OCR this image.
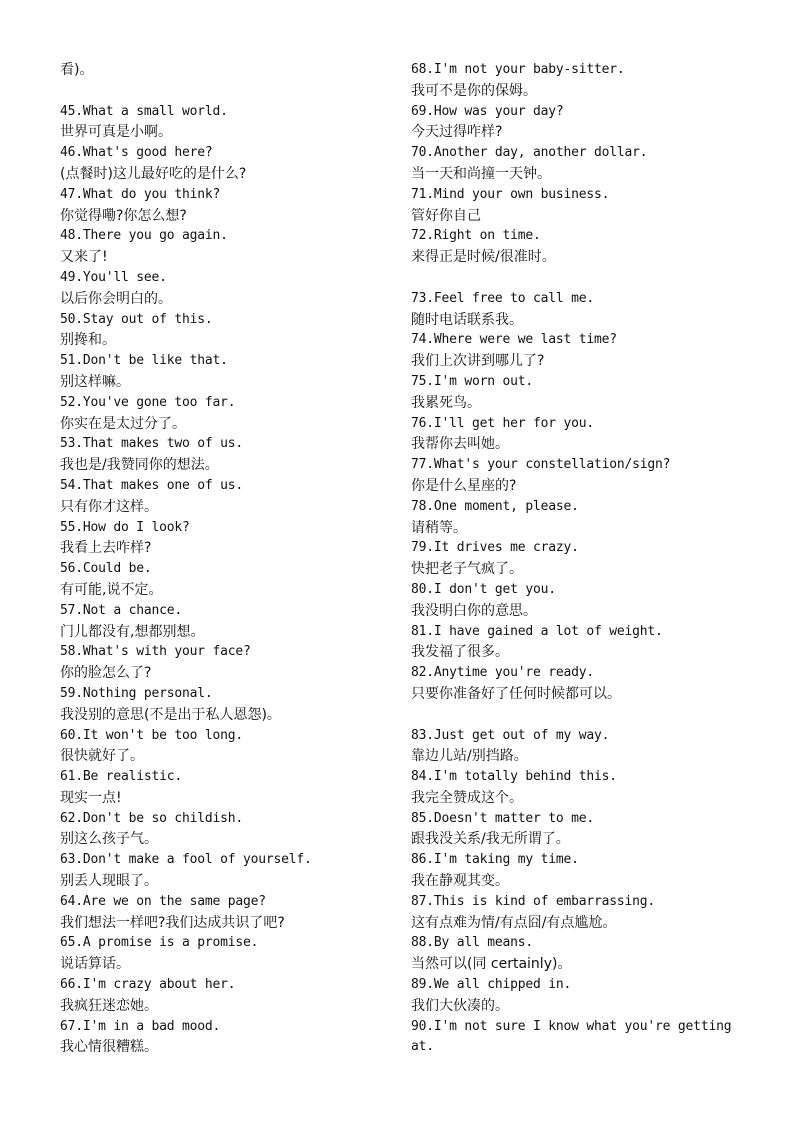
看)。
45.What a small world.
世界可真是小啊。
46.What's good here?
(点餐时)这儿最好吃的是什么?
47.What do you think?
你觉得嘞?你怎么想?
48.There you go again.
又来了!
49.You'll see.
以后你会明白的。
50.Stay out of this.
别搀和。
51.Don't be like that.
别这样嘛。
52.You've gone too far.
你实在是太过分了。
53.That makes two of us.
我也是/我赞同你的想法。
54.That makes one of us.
只有你才这样。
55.How do I look?
我看上去咋样?
56.Could be.
有可能,说不定。
57.Not a chance.
门儿都没有,想都别想。
58.What's with your face?
你的脸怎么了?
59.Nothing personal.
我没别的意思(不是出于私人恩怨)。
60.It won't be too long.
很快就好了。
61.Be realistic.
现实一点!
62.Don't be so childish.
别这么孩子气。
63.Don't make a fool of yourself.
别丢人现眼了。
64.Are we on the same page?
我们想法一样吧?我们达成共识了吧?
65.A promise is a promise.
说话算话。
66.I'm crazy about her.
我疯狂迷恋她。
67.I'm in a bad mood.
我心情很糟糕。
68.I'm not your baby-sitter.
我可不是你的保姆。
69.How was your day?
今天过得咋样?
70.Another day, another dollar.
当一天和尚撞一天钟。
71.Mind your own business.
管好你自己
72.Right on time.
来得正是时候/很准时。
73.Feel free to call me.
随时电话联系我。
74.Where were we last time?
我们上次讲到哪儿了?
75.I'm worn out.
我累死鸟。
76.I'll get her for you.
我帮你去叫她。
77.What's your constellation/sign?
你是什么星座的?
78.One moment, please.
请稍等。
79.It drives me crazy.
快把老子气疯了。
80.I don't get you.
我没明白你的意思。
81.I have gained a lot of weight.
我发福了很多。
82.Anytime you're ready.
只要你准备好了任何时候都可以。
83.Just get out of my way.
靠边儿站/别挡路。
84.I'm totally behind this.
我完全赞成这个。
85.Doesn't matter to me.
跟我没关系/我无所谓了。
86.I'm taking my time.
我在静观其变。
87.This is kind of embarrassing.
这有点难为情/有点囧/有点尴尬。
88.By all means.
当然可以(同 certainly)。
89.We all chipped in.
我们大伙凑的。
90.I'm not sure I know what you're getting
at.
